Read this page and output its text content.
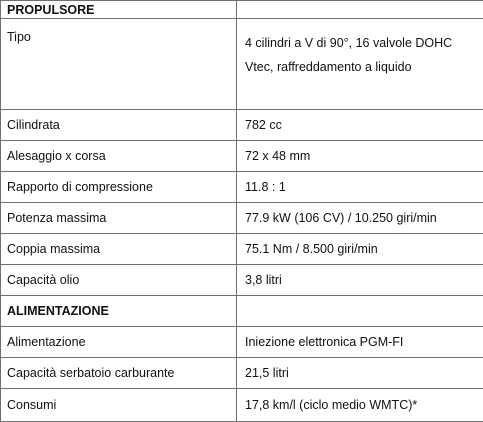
PROPULSORE	
Tipo	4 cilindri a V di 90°, 16 valvole DOHC Vtec, raffreddamento a liquido
Cilindrata	782 cc
Alesaggio x corsa	72 x 48 mm
Rapporto di compressione	11.8 : 1
Potenza massima	77.9 kW (106 CV) / 10.250 giri/min
Coppia massima	75.1 Nm / 8.500 giri/min
Capacità olio	3,8 litri
ALIMENTAZIONE	
Alimentazione	Iniezione elettronica PGM-FI
Capacità serbatoio carburante	21,5 litri
Consumi	17,8 km/l (ciclo medio WMTC)*
